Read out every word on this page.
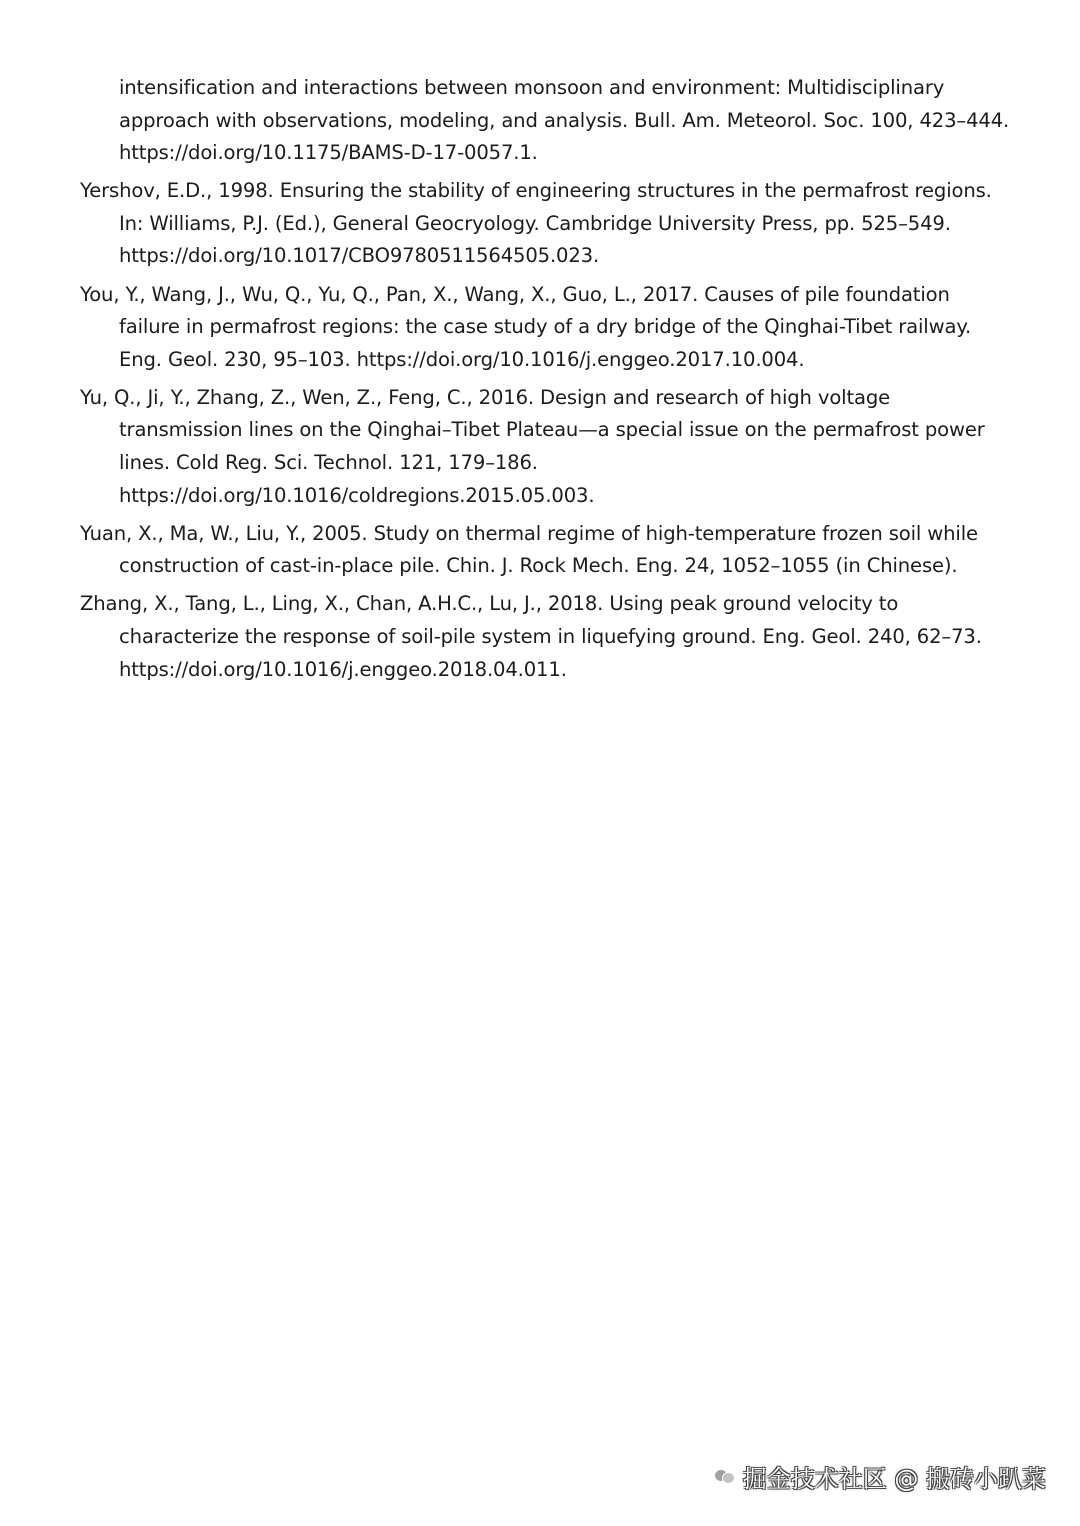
intensification and interactions between monsoon and environment: Multidisciplinary approach with observations, modeling, and analysis. Bull. Am. Meteorol. Soc. 100, 423–444. https://doi.org/10.1175/BAMS-D-17-0057.1.
Yershov, E.D., 1998. Ensuring the stability of engineering structures in the permafrost regions. In: Williams, P.J. (Ed.), General Geocryology. Cambridge University Press, pp. 525–549. https://doi.org/10.1017/CBO9780511564505.023.
You, Y., Wang, J., Wu, Q., Yu, Q., Pan, X., Wang, X., Guo, L., 2017. Causes of pile foundation failure in permafrost regions: the case study of a dry bridge of the Qinghai-Tibet railway. Eng. Geol. 230, 95–103. https://doi.org/10.1016/j.enggeo.2017.10.004.
Yu, Q., Ji, Y., Zhang, Z., Wen, Z., Feng, C., 2016. Design and research of high voltage transmission lines on the Qinghai–Tibet Plateau—a special issue on the permafrost power lines. Cold Reg. Sci. Technol. 121, 179–186. https://doi.org/10.1016/coldregions.2015.05.003.
Yuan, X., Ma, W., Liu, Y., 2005. Study on thermal regime of high-temperature frozen soil while construction of cast-in-place pile. Chin. J. Rock Mech. Eng. 24, 1052–1055 (in Chinese).
Zhang, X., Tang, L., Ling, X., Chan, A.H.C., Lu, J., 2018. Using peak ground velocity to characterize the response of soil-pile system in liquefying ground. Eng. Geol. 240, 62–73. https://doi.org/10.1016/j.enggeo.2018.04.011.
掘金技术社区 @ 搬砖小趴菜
